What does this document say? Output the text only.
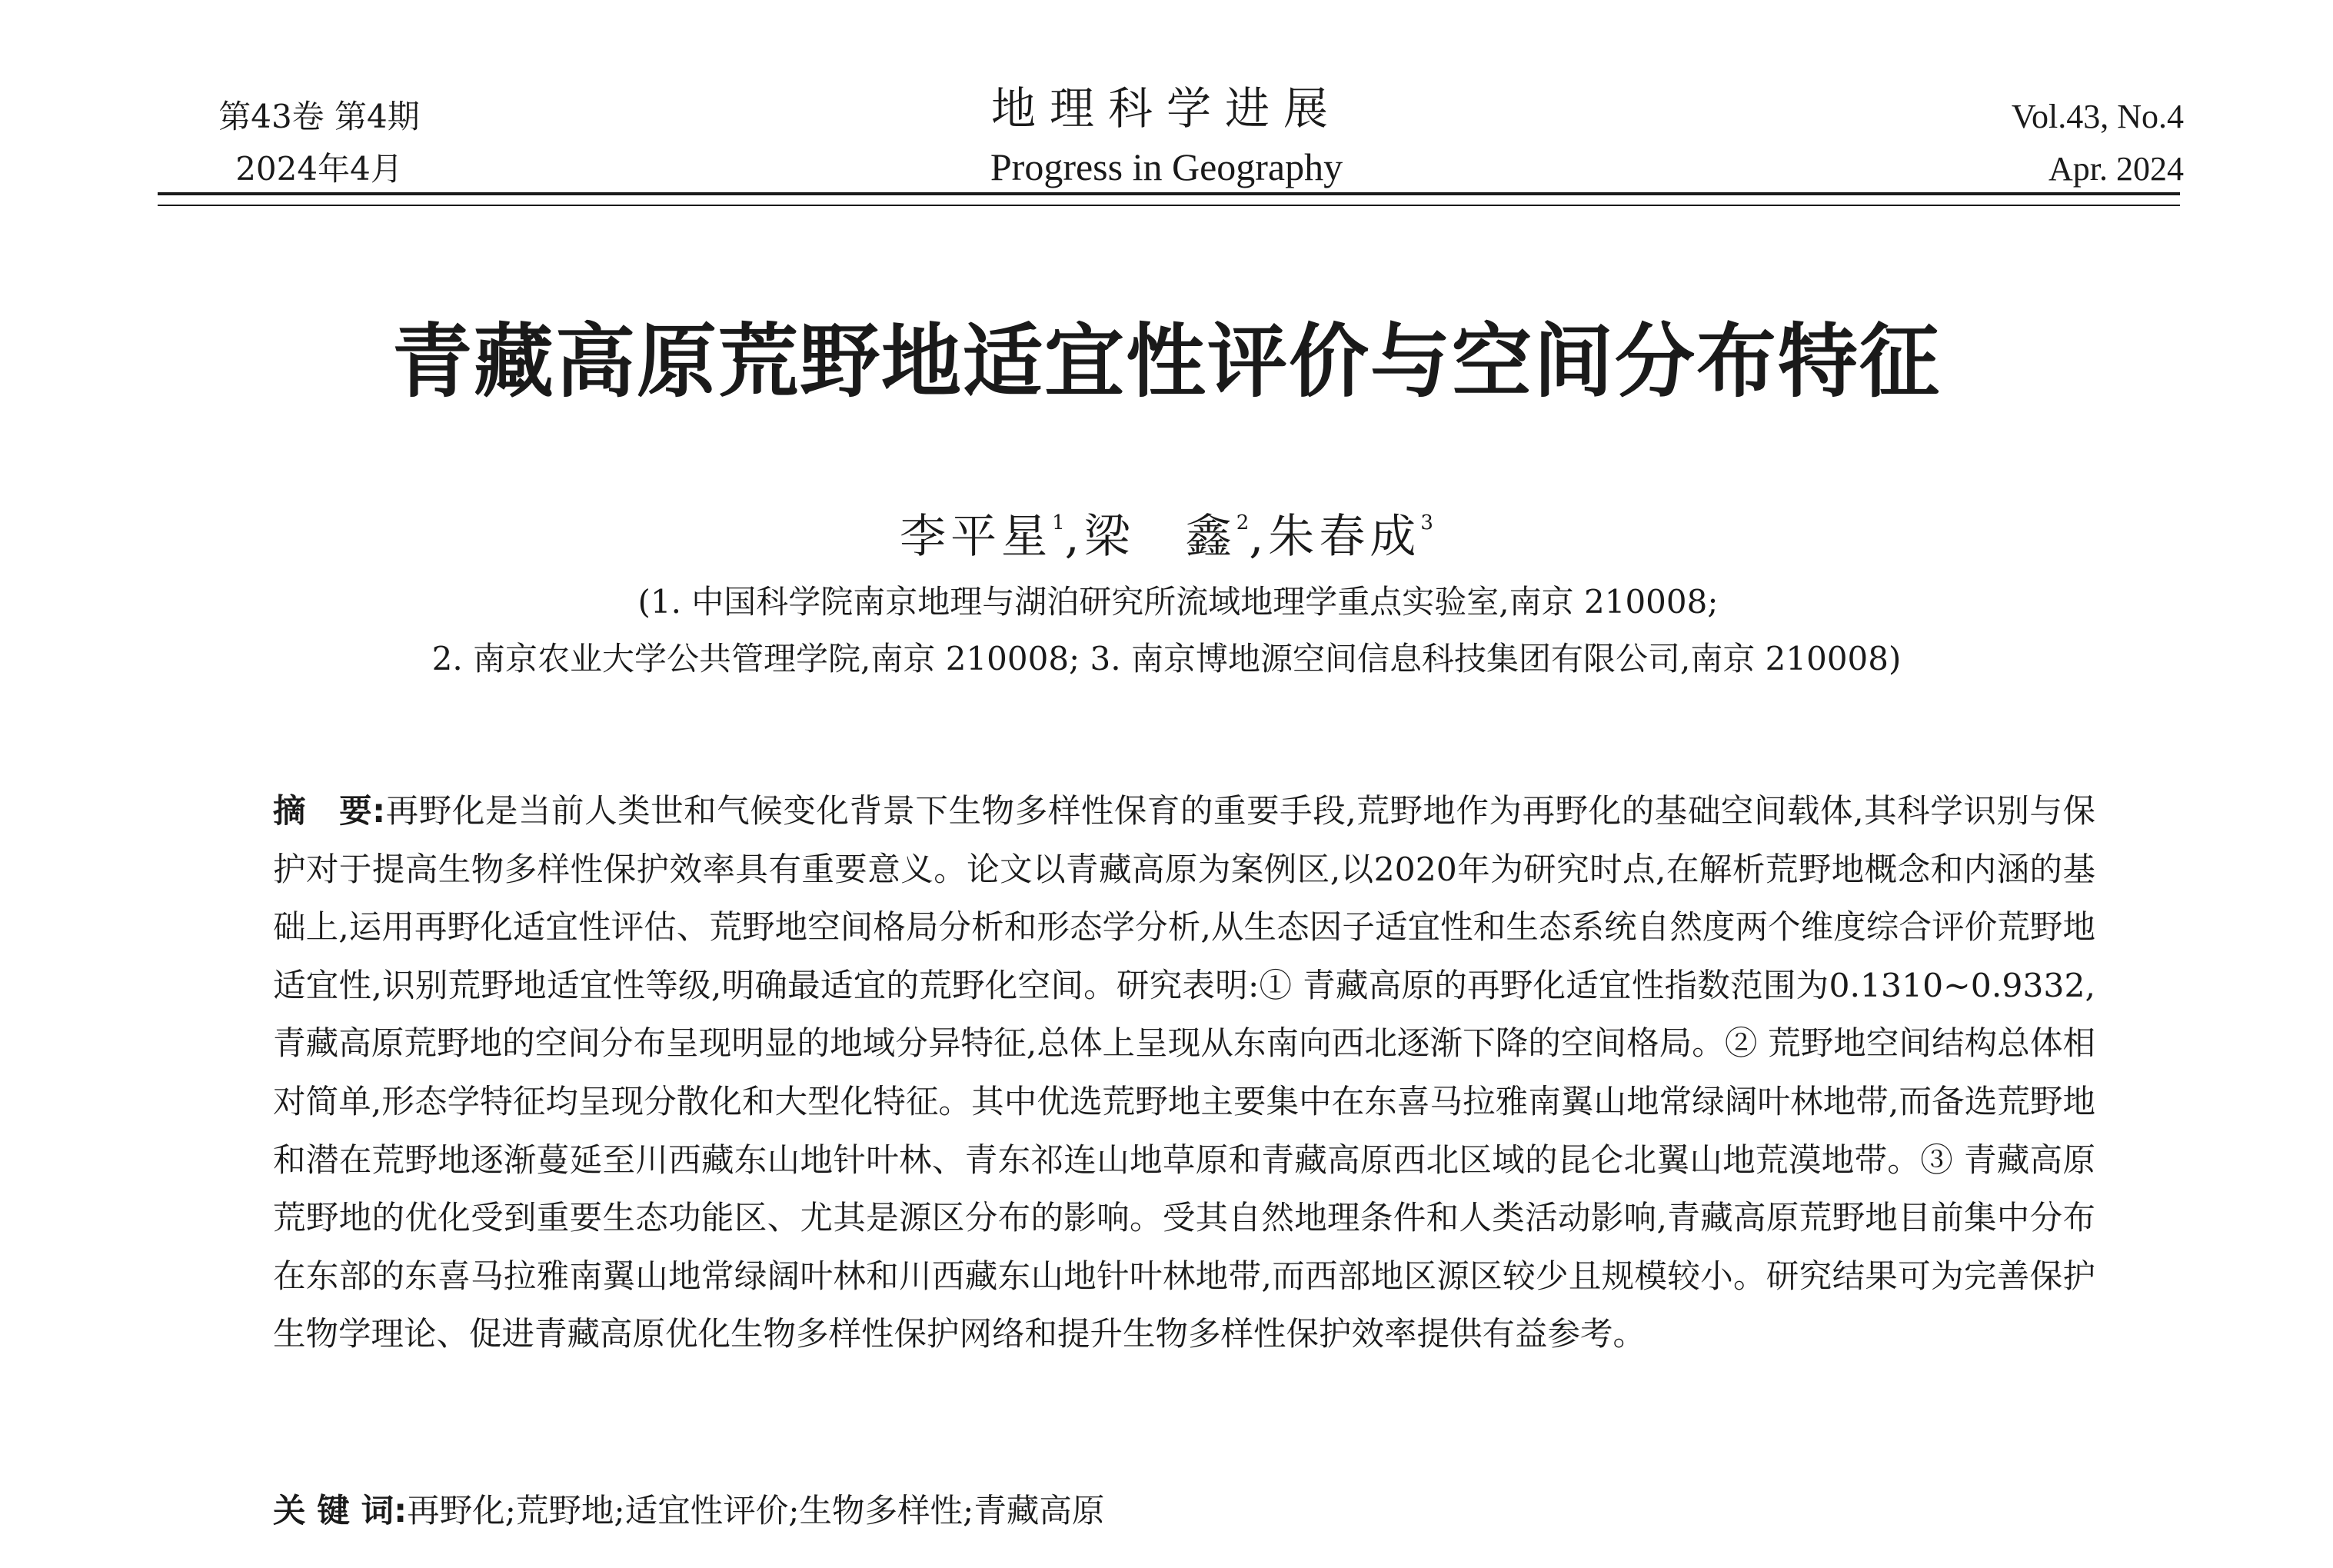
第43卷 第4期
2024年4月
地理科学进展
Progress in Geography
Vol.43, No.4
Apr. 2024
青藏高原荒野地适宜性评价与空间分布特征
李平星$^1$,梁　鑫$^2$,朱春成$^3$
(1. 中国科学院南京地理与湖泊研究所流域地理学重点实验室,南京 210008;
2. 南京农业大学公共管理学院,南京 210008; 3. 南京博地源空间信息科技集团有限公司,南京 210008)
摘　要:再野化是当前人类世和气候变化背景下生物多样性保育的重要手段,荒野地作为再野化的基础空间载体,其科学识别与保护对于提高生物多样性保护效率具有重要意义。论文以青藏高原为案例区,以2020年为研究时点,在解析荒野地概念和内涵的基础上,运用再野化适宜性评估、荒野地空间格局分析和形态学分析,从生态因子适宜性和生态系统自然度两个维度综合评价荒野地适宜性,识别荒野地适宜性等级,明确最适宜的荒野化空间。研究表明:① 青藏高原的再野化适宜性指数范围为0.1310~0.9332,青藏高原荒野地的空间分布呈现明显的地域分异特征,总体上呈现从东南向西北逐渐下降的空间格局。② 荒野地空间结构总体相对简单,形态学特征均呈现分散化和大型化特征。其中优选荒野地主要集中在东喜马拉雅南翼山地常绿阔叶林地带,而备选荒野地和潜在荒野地逐渐蔓延至川西藏东山地针叶林、青东祁连山地草原和青藏高原西北区域的昆仑北翼山地荒漠地带。③ 青藏高原荒野地的优化受到重要生态功能区、尤其是源区分布的影响。受其自然地理条件和人类活动影响,青藏高原荒野地目前集中分布在东部的东喜马拉雅南翼山地常绿阔叶林和川西藏东山地针叶林地带,而西部地区源区较少且规模较小。研究结果可为完善保护生物学理论、促进青藏高原优化生物多样性保护网络和提升生物多样性保护效率提供有益参考。
关 键 词:再野化;荒野地;适宜性评价;生物多样性;青藏高原
